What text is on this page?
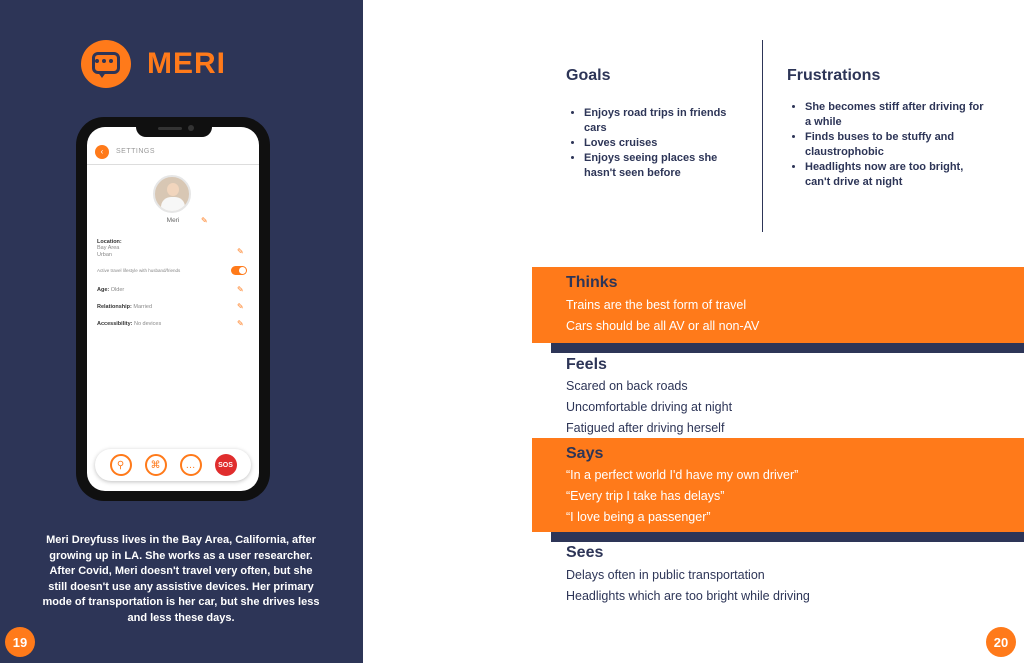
MERI
‹	SETTINGS
Meri	✎
Location:
Bay Area
Urban	✎
Active travel lifestyle with husband/friends
Age: Older	✎
Relationship: Married	✎
Accessibility: No devices	✎
⚲	⌘	…	SOS
Meri Dreyfuss lives in the Bay Area, California, after growing up in LA. She works as a user researcher. After Covid, Meri doesn't travel very often, but she still doesn't use any assistive devices. Her primary mode of transportation is her car, but she drives less and less these days.
19
Goals
• Enjoys road trips in friends cars
• Loves cruises
• Enjoys seeing places she hasn't seen before
Frustrations
• She becomes stiff after driving for a while
• Finds buses to be stuffy and claustrophobic
• Headlights now are too bright, can't drive at night
Thinks
Trains are the best form of travel
Cars should be all AV or all non-AV
Feels
Scared on back roads
Uncomfortable driving at night
Fatigued after driving herself
Says
“In a perfect world I'd have my own driver”
“Every trip I take has delays”
“I love being a passenger”
Sees
Delays often in public transportation
Headlights which are too bright while driving
20
